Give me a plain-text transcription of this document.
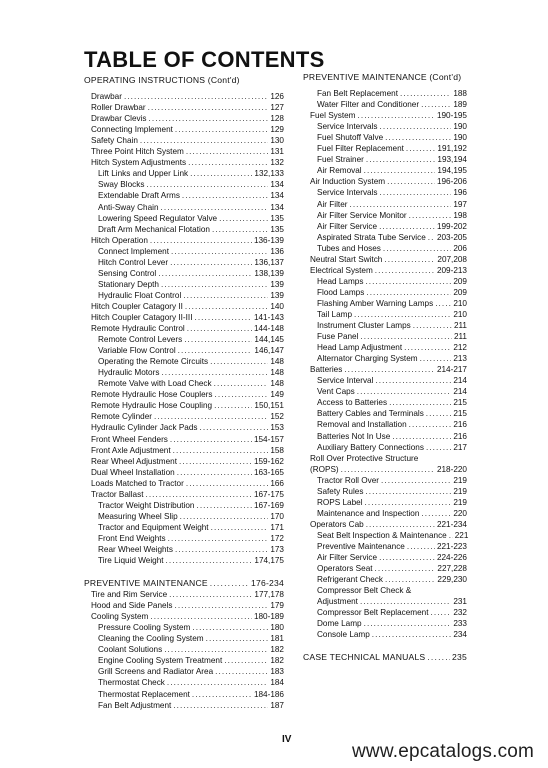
TABLE OF CONTENTS
OPERATING INSTRUCTIONS (Cont'd)
Drawbar . . .	126
Roller Drawbar . . .	127
Drawbar Clevis . . .	128
Connecting Implement . . .	129
Safety Chain . . .	130
Three Point Hitch System . . .	131
Hitch System Adjustments . . .	132
Lift Links and Upper Link . . .	132,133
Sway Blocks . . .	134
Extendable Draft Arms . . .	134
Anti-Sway Chain . . .	134
Lowering Speed Regulator Valve . . .	135
Draft Arm Mechanical Flotation . . .	135
Hitch Operation . . .	136-139
Connect Implement . . .	136
Hitch Control Lever . . .	136,137
Sensing Control . . .	138,139
Stationary Depth . . .	139
Hydraulic Float Control . . .	139
Hitch Coupler Catagory II . . .	140
Hitch Coupler Catagory II-III . . .	141-143
Remote Hydraulic Control . . .	144-148
Remote Control Levers . . .	144,145
Variable Flow Control . . .	146,147
Operating the Remote Circuits . . .	148
Hydraulic Motors . . .	148
Remote Valve with Load Check . . .	148
Remote Hydraulic Hose Couplers . . .	149
Remote Hydraulic Hose Coupling . . .	150,151
Remote Cylinder . . .	152
Hydraulic Cylinder Jack Pads . . .	153
Front Wheel Fenders . . .	154-157
Front Axle Adjustment . . .	158
Rear Wheel Adjustment . . .	159-162
Dual Wheel Installation . . .	163-165
Loads Matched to Tractor . . .	166
Tractor Ballast . . .	167-175
Tractor Weight Distribution . . .	167-169
Measuring Wheel Slip . . .	170
Tractor and Equipment Weight . . .	171
Front End Weights . . .	172
Rear Wheel Weights . . .	173
Tire Liquid Weight . . .	174,175
PREVENTIVE MAINTENANCE . . .	176-234
Tire and Rim Service . . .	177,178
Hood and Side Panels . . .	179
Cooling System . . .	180-189
Pressure Cooling System . . .	180
Cleaning the Cooling System . . .	181
Coolant Solutions . . .	182
Engine Cooling System Treatment . . .	182
Grill Screens and Radiator Area . . .	183
Thermostat Check . . .	184
Thermostat Replacement . . .	184-186
Fan Belt Adjustment . . .	187
PREVENTIVE MAINTENANCE (Cont'd)
Fan Belt Replacement . . .	188
Water Filter and Conditioner . . .	189
Fuel System . . .	190-195
Service Intervals . . .	190
Fuel Shutoff Valve . . .	190
Fuel Filter Replacement . . .	191,192
Fuel Strainer . . .	193,194
Air Removal . . .	194,195
Air Induction System . . .	196-206
Service Intervals . . .	196
Air Filter . . .	197
Air Filter Service Monitor . . .	198
Air Filter Service . . .	199-202
Aspirated Strata Tube Service . . . 203-205
Tubes and Hoses . . .	206
Neutral Start Switch . . .	207,208
Electrical System . . .	209-213
Head Lamps . . .	209
Flood Lamps . . .	209
Flashing Amber Warning Lamps . . . 210
Tail Lamp . . .	210
Instrument Cluster Lamps . . .	211
Fuse Panel . . .	211
Head Lamp Adjustment . . .	212
Alternator Charging System . . .	213
Batteries . . .	214-217
Service Interval . . .	214
Vent Caps . . .	214
Access to Batteries . . .	215
Battery Cables and Terminals . . .	215
Removal and Installation . . .	216
Batteries Not In Use . . .	216
Auxiliary Battery Connections . . .	217
Roll Over Protective Structure
(ROPS) . . .	218-220
Tractor Roll Over . . .	219
Safety Rules . . .	219
ROPS Label . . .	219
Maintenance and Inspection . . .	220
Operators Cab . . .	221-234
Seat Belt Inspection & Maintenance . . . 221
Preventive Maintenance . . .	221-223
Air Filter Service . . .	224-226
Operators Seat . . .	227,228
Refrigerant Check . . .	229,230
Compressor Belt Check &
Adjustment . . .	231
Compressor Belt Replacement . . .	232
Dome Lamp . . .	233
Console Lamp . . .	234
CASE TECHNICAL MANUALS . . .	235
IV
www.epcatalogs.com
